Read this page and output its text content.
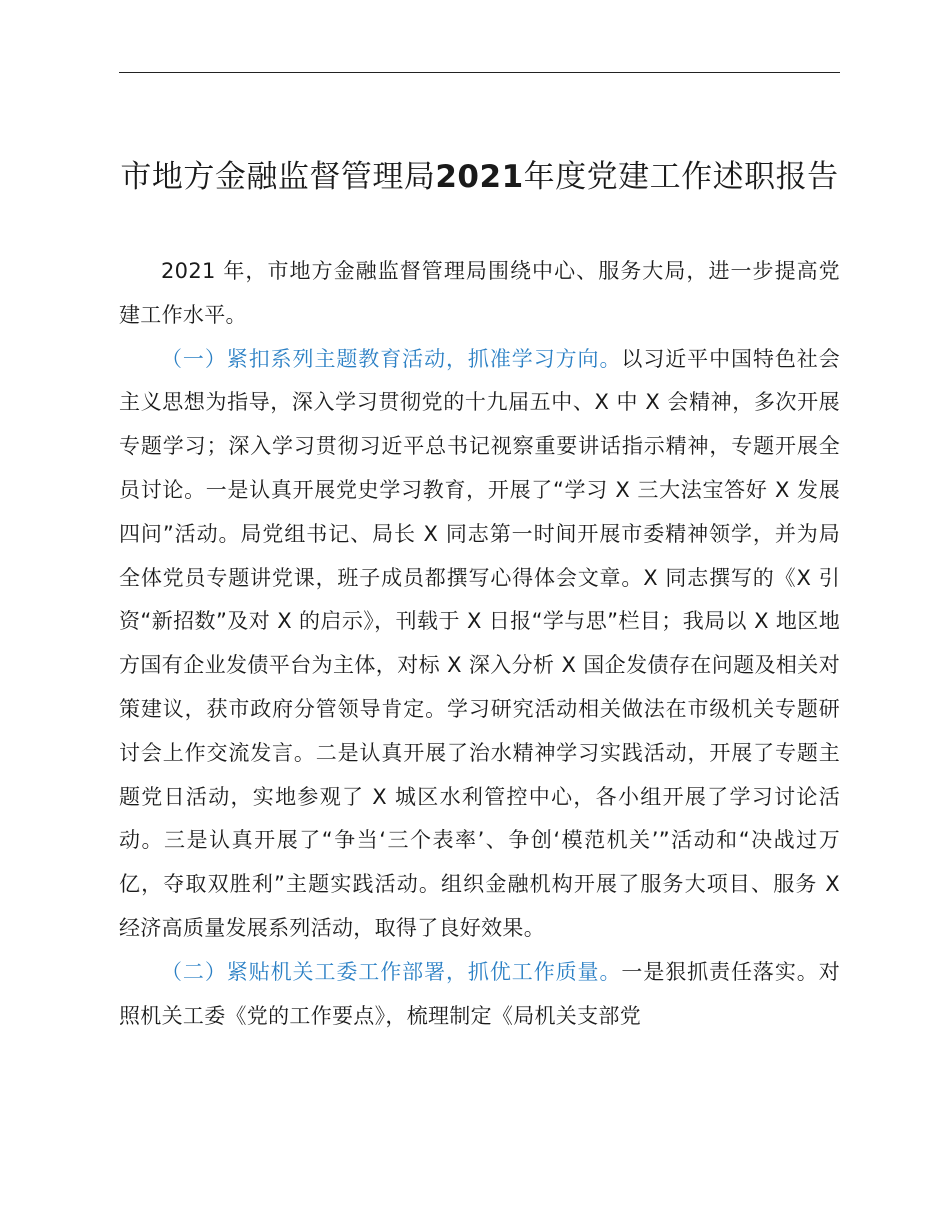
市地方金融监督管理局2021年度党建工作述职报告

2021 年，市地方金融监督管理局围绕中心、服务大局，进一步提高党建工作水平。

（一）紧扣系列主题教育活动，抓准学习方向。以习近平中国特色社会主义思想为指导，深入学习贯彻党的十九届五中、X 中 X 会精神，多次开展专题学习；深入学习贯彻习近平总书记视察重要讲话指示精神，专题开展全员讨论。一是认真开展党史学习教育，开展了“学习 X 三大法宝答好 X 发展四问”活动。局党组书记、局长 X 同志第一时间开展市委精神领学，并为局全体党员专题讲党课，班子成员都撰写心得体会文章。X 同志撰写的《X 引资“新招数”及对 X 的启示》，刊载于 X 日报“学与思”栏目；我局以 X 地区地方国有企业发债平台为主体，对标 X 深入分析 X 国企发债存在问题及相关对策建议，获市政府分管领导肯定。学习研究活动相关做法在市级机关专题研讨会上作交流发言。二是认真开展了治水精神学习实践活动，开展了专题主题党日活动，实地参观了 X 城区水利管控中心，各小组开展了学习讨论活动。三是认真开展了“争当‘三个表率’、争创‘模范机关’”活动和“决战过万亿，夺取双胜利”主题实践活动。组织金融机构开展了服务大项目、服务 X 经济高质量发展系列活动，取得了良好效果。

（二）紧贴机关工委工作部署，抓优工作质量。一是狠抓责任落实。对照机关工委《党的工作要点》，梳理制定《局机关支部党
